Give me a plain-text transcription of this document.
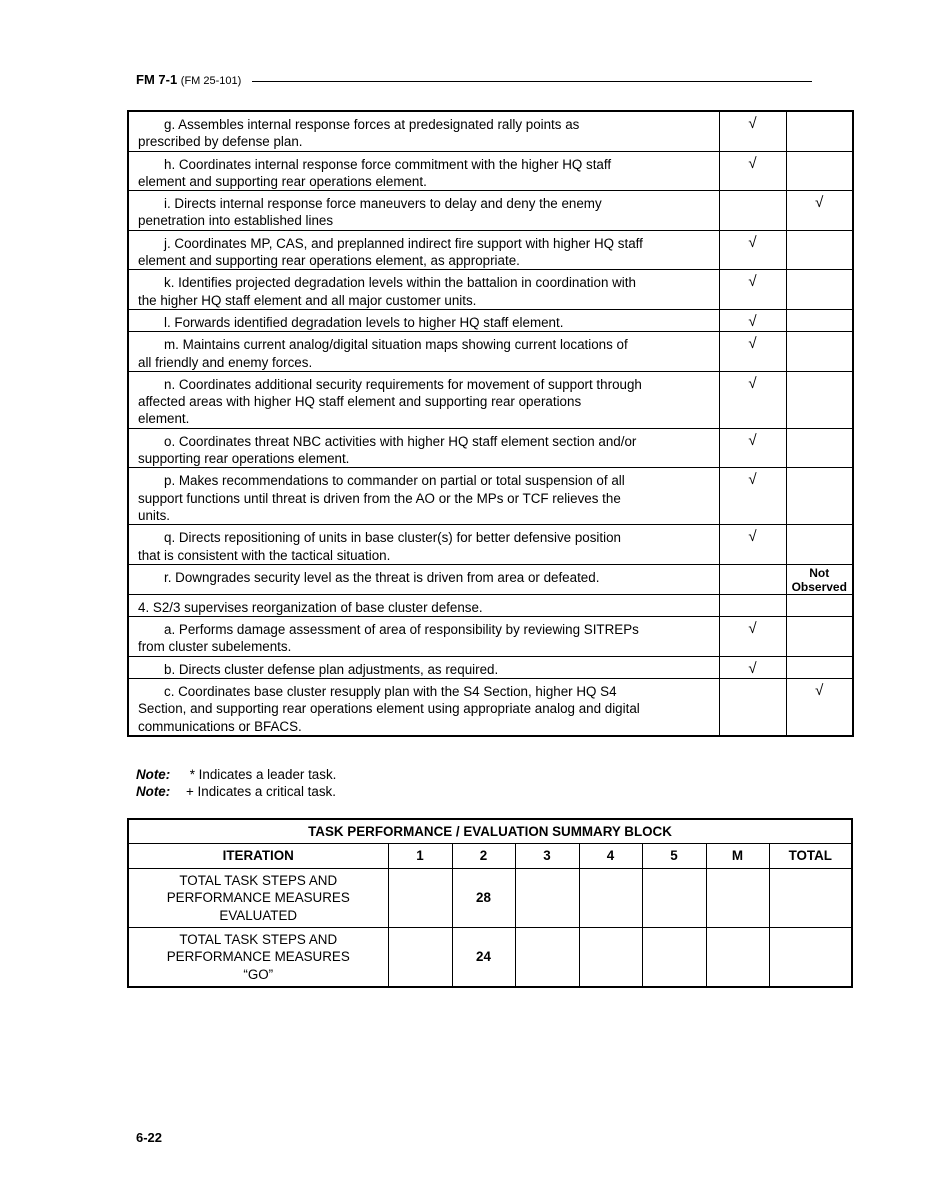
FM 7-1 (FM 25-101)
g. Assembles internal response forces at predesignated rally points as
prescribed by defense plan.	√	
h. Coordinates internal response force commitment with the higher HQ staff
element and supporting rear operations element.	√	
i. Directs internal response force maneuvers to delay and deny the enemy
penetration into established lines		√
j. Coordinates MP, CAS, and preplanned indirect fire support with higher HQ staff
element and supporting rear operations element, as appropriate.	√	
k. Identifies projected degradation levels within the battalion in coordination with
the higher HQ staff element and all major customer units.	√	
l. Forwards identified degradation levels to higher HQ staff element.	√	
m. Maintains current analog/digital situation maps showing current locations of
all friendly and enemy forces.	√	
n. Coordinates additional security requirements for movement of support through
affected areas with higher HQ staff element and supporting rear operations
element.	√	
o. Coordinates threat NBC activities with higher HQ staff element section and/or
supporting rear operations element.	√	
p. Makes recommendations to commander on partial or total suspension of all
support functions until threat is driven from the AO or the MPs or TCF relieves the
units.	√	
q. Directs repositioning of units in base cluster(s) for better defensive position
that is consistent with the tactical situation.	√	
r. Downgrades security level as the threat is driven from area or defeated.		Not Observed

4. S2/3 supervises reorganization of base cluster defense.		
a. Performs damage assessment of area of responsibility by reviewing SITREPs
from cluster subelements.	√	
b. Directs cluster defense plan adjustments, as required.	√	
c. Coordinates base cluster resupply plan with the S4 Section, higher HQ S4
Section, and supporting rear operations element using appropriate analog and digital
communications or BFACS.		√
Note: * Indicates a leader task.
Note: + Indicates a critical task.
TASK PERFORMANCE / EVALUATION SUMMARY BLOCK							
ITERATION	1	2	3	4	5	M	TOTAL
TOTAL TASK STEPS AND PERFORMANCE MEASURES EVALUATED		28					
TOTAL TASK STEPS AND PERFORMANCE MEASURES “GO”		24					
6-22
